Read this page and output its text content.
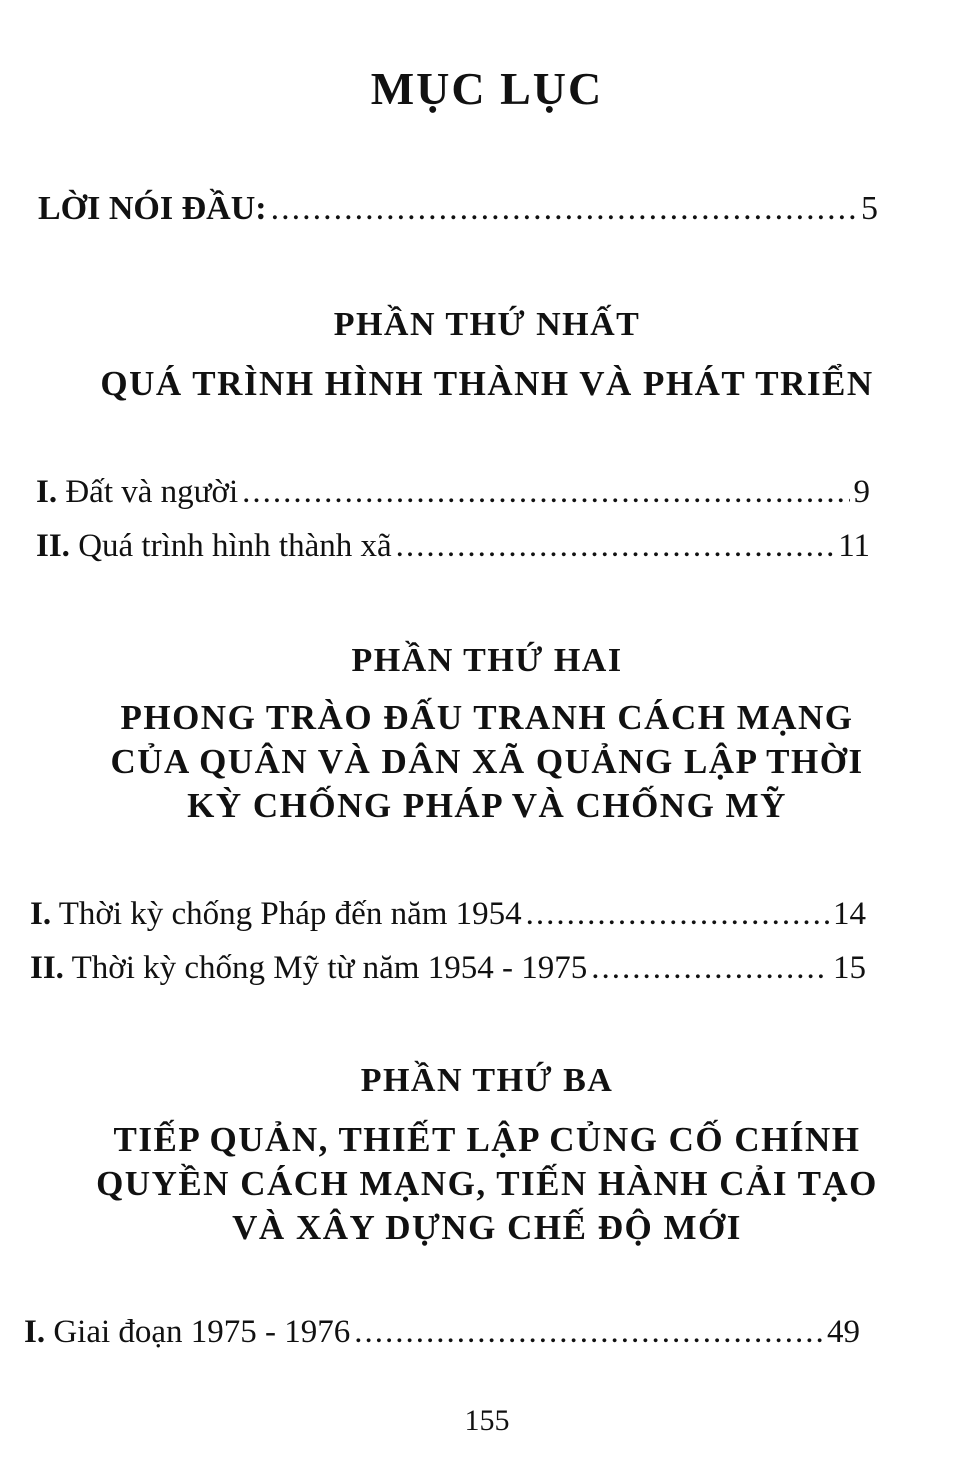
MỤC LỤC
LỜI NÓI ĐẦU: .....	5
PHẦN THỨ NHẤT
QUÁ TRÌNH HÌNH THÀNH VÀ PHÁT TRIỂN
I. Đất và người .....	9
II. Quá trình hình thành xã .....	11
PHẦN THỨ HAI
PHONG TRÀO ĐẤU TRANH CÁCH MẠNG
CỦA QUÂN VÀ DÂN XÃ QUẢNG LẬP THỜI
KỲ CHỐNG PHÁP VÀ CHỐNG MỸ
I. Thời kỳ chống Pháp đến năm 1954 .....	14
II. Thời kỳ chống Mỹ từ năm 1954 - 1975 .....	15
PHẦN THỨ BA
TIẾP QUẢN, THIẾT LẬP CỦNG CỐ CHÍNH
QUYỀN CÁCH MẠNG, TIẾN HÀNH CẢI TẠO
VÀ XÂY DỰNG CHẾ ĐỘ MỚI
I. Giai đoạn 1975 - 1976 .....	49
155
